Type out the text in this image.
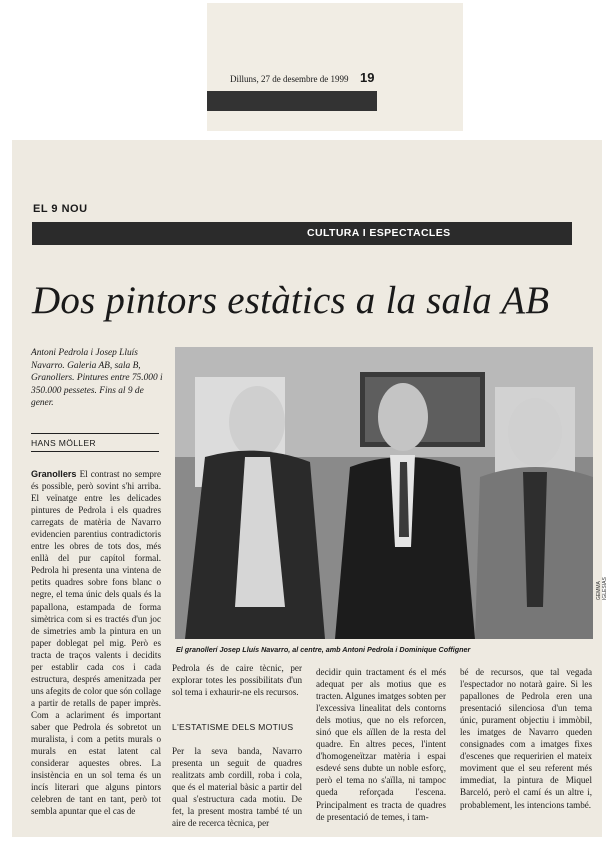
Dilluns, 27 de desembre de 1999 19
EL 9 NOU
CULTURA I ESPECTACLES
Dos pintors estàtics a la sala AB
Antoni Pedrola i Josep Lluís Navarro. Galeria AB, sala B, Granollers. Pintures entre 75.000 i 350.000 pessetes. Fins al 9 de gener.
HANS MÖLLER
El granollerí Josep Lluís Navarro, al centre, amb Antoni Pedrola i Dominique Coffigner
GEMMA IGLESIAS
Granollers El contrast no sempre és possible, però sovint s'hi arriba. El veïnatge entre les delicades pintures de Pedrola i els quadres carregats de matèria de Navarro evidencien parentius contradictoris entre les obres de tots dos, més enllà del pur capítol formal. Pedrola hi presenta una vintena de petits quadres sobre fons blanc o negre, el tema únic dels quals és la papallona, estampada de forma simètrica com si es tractés d'un joc de simetries amb la pintura en un paper doblegat pel mig. Però es tracta de traços valents i decidits per establir cada cos i cada estructura, després amenitzada per uns afegits de color que són collage a partir de retalls de paper imprès. Com a aclariment és important saber que Pedrola és sobretot un muralista, i com a petits murals o murals en estat latent cal considerar aquestes obres. La insistència en un sol tema és un incís literari que alguns pintors celebren de tant en tant, però tot sembla apuntar que el cas de
Pedrola és de caire tècnic, per explorar totes les possibilitats d'un sol tema i exhaurir-ne els recursos.
L'ESTATISME DELS MOTIUS
Per la seva banda, Navarro presenta un seguit de quadres realitzats amb cordill, roba i cola, que és el material bàsic a partir del qual s'estructura cada motiu. De fet, la present mostra també té un aire de recerca tècnica, per
decidir quin tractament és el més adequat per als motius que es tracten. Algunes imatges sobten per l'excessiva linealitat dels contorns dels motius, que no els reforcen, sinó que els aïllen de la resta del quadre. En altres peces, l'intent d'homogeneïtzar matèria i espai esdevé sens dubte un noble esforç, però el tema no s'aïlla, ni tampoc queda reforçada l'escena. Principalment es tracta de quadres de presentació de temes, i tam-
bé de recursos, que tal vegada l'espectador no notarà gaire. Si les papallones de Pedrola eren una presentació silenciosa d'un tema únic, purament objectiu i immòbil, les imatges de Navarro queden consignades com a imatges fixes d'escenes que requeririen el mateix moviment que el seu referent més immediat, la pintura de Miquel Barceló, però el camí és un altre i, probablement, les intencions també.
